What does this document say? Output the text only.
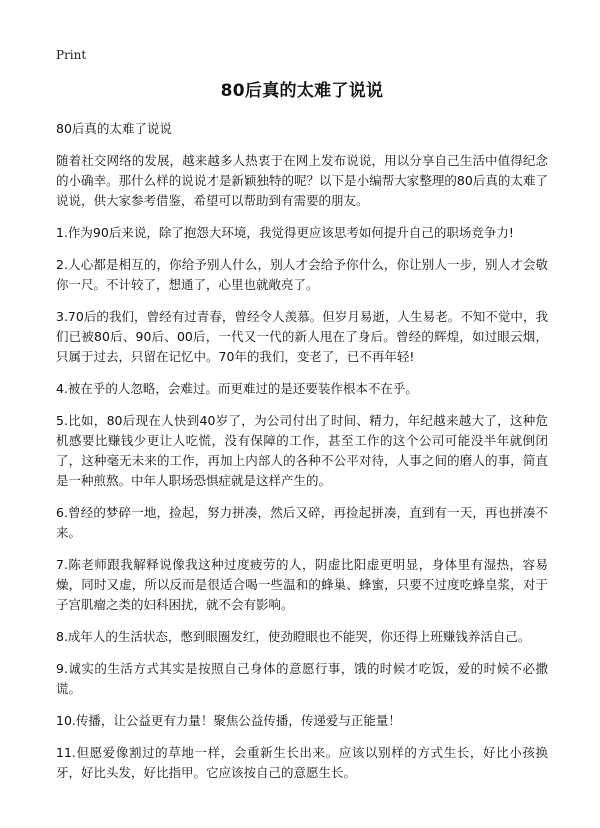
Print
80后真的太难了说说

80后真的太难了说说

随着社交网络的发展，越来越多人热衷于在网上发布说说，用以分享自己生活中值得纪念的小确幸。那什么样的说说才是新颖独特的呢？以下是小编帮大家整理的80后真的太难了说说，供大家参考借鉴，希望可以帮助到有需要的朋友。

1.作为90后来说，除了抱怨大环境，我觉得更应该思考如何提升自己的职场竞争力!

2.人心都是相互的，你给予别人什么，别人才会给予你什么，你让别人一步，别人才会敬你一尺。不计较了，想通了，心里也就敞亮了。

3.70后的我们，曾经有过青春，曾经令人羡慕。但岁月易逝，人生易老。不知不觉中，我们已被80后、90后、00后，一代又一代的新人甩在了身后。曾经的辉煌，如过眼云烟，只属于过去，只留在记忆中。70年的我们，变老了，已不再年轻!

4.被在乎的人忽略，会难过。而更难过的是还要装作根本不在乎。

5.比如，80后现在人快到40岁了，为公司付出了时间、精力，年纪越来越大了，这种危机感要比赚钱少更让人吃慌，没有保障的工作，甚至工作的这个公司可能没半年就倒闭了，这种毫无未来的工作，再加上内部人的各种不公平对待，人事之间的磨人的事，简直是一种煎熬。中年人职场恐惧症就是这样产生的。

6.曾经的梦碎一地，捡起，努力拼凑，然后又碎，再捡起拼凑，直到有一天，再也拼凑不来。

7.陈老师跟我解释说像我这种过度疲劳的人，阴虚比阳虚更明显，身体里有湿热，容易燥，同时又虚，所以反而是很适合喝一些温和的蜂巢、蜂蜜，只要不过度吃蜂皇浆，对于子宫肌瘤之类的妇科困扰，就不会有影响。

8.成年人的生活状态，憋到眼圈发红，使劲瞪眼也不能哭，你还得上班赚钱养活自己。

9.诚实的生活方式其实是按照自己身体的意愿行事，饿的时候才吃饭，爱的时候不必撒谎。

10.传播，让公益更有力量！聚焦公益传播，传递爱与正能量！

11.但愿爱像割过的草地一样，会重新生长出来。应该以别样的方式生长，好比小孩换牙，好比头发，好比指甲。它应该按自己的意愿生长。
